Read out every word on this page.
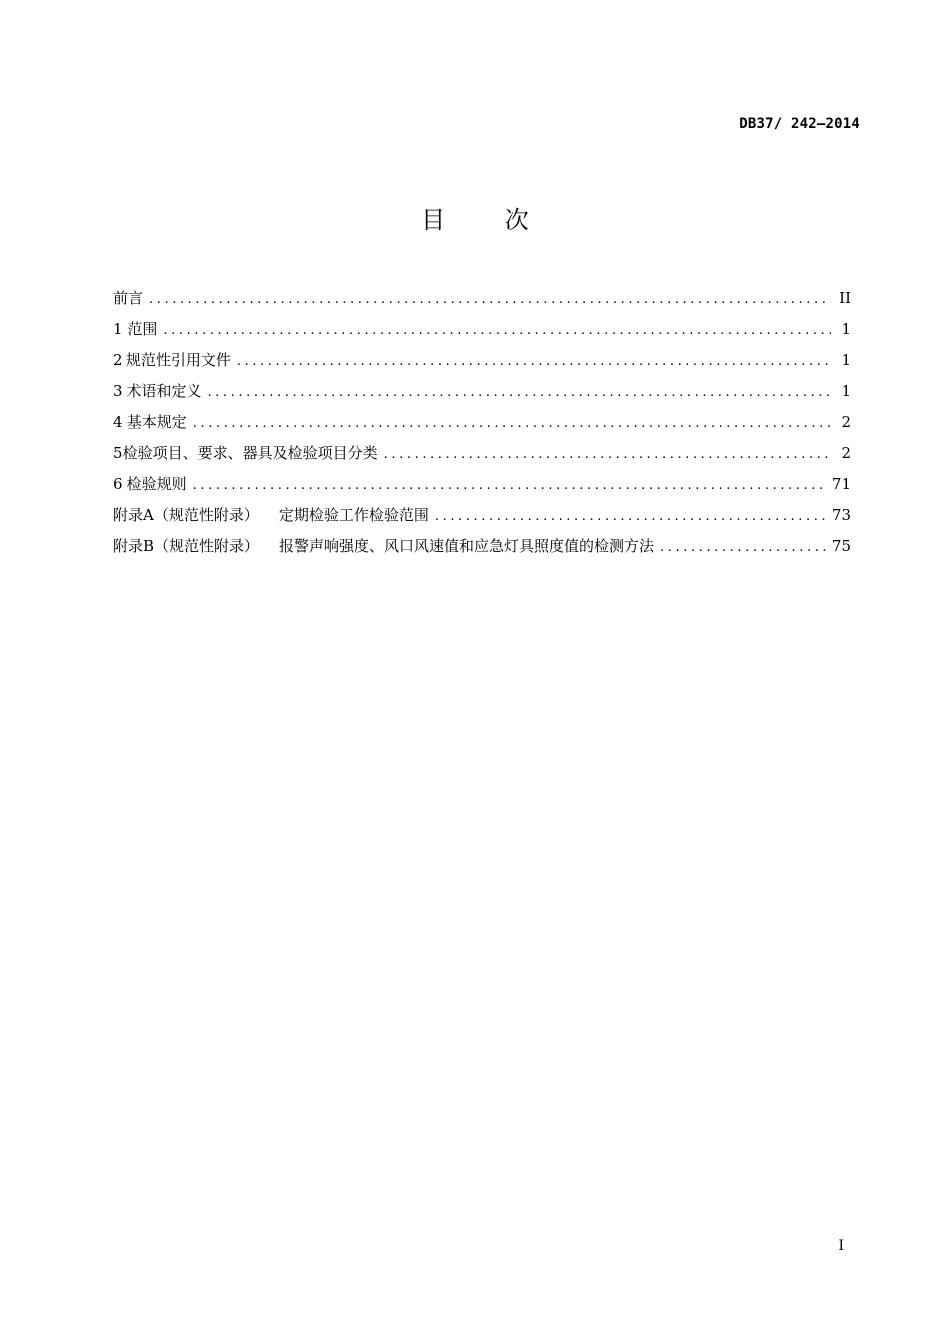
DB37/ 242—2014
目 次
前言 .....	II
1 范围 .....	1
2 规范性引用文件 .....	1
3 术语和定义 .....	1
4 基本规定 .....	2
5 检验项目、要求、器具及检验项目分类 .....	2
6 检验规则 .....	71
附录A（规范性附录） 定期检验工作检验范围 .....	73
附录B（规范性附录） 报警声响强度、风口风速值和应急灯具照度值的检测方法 .....	75
I
